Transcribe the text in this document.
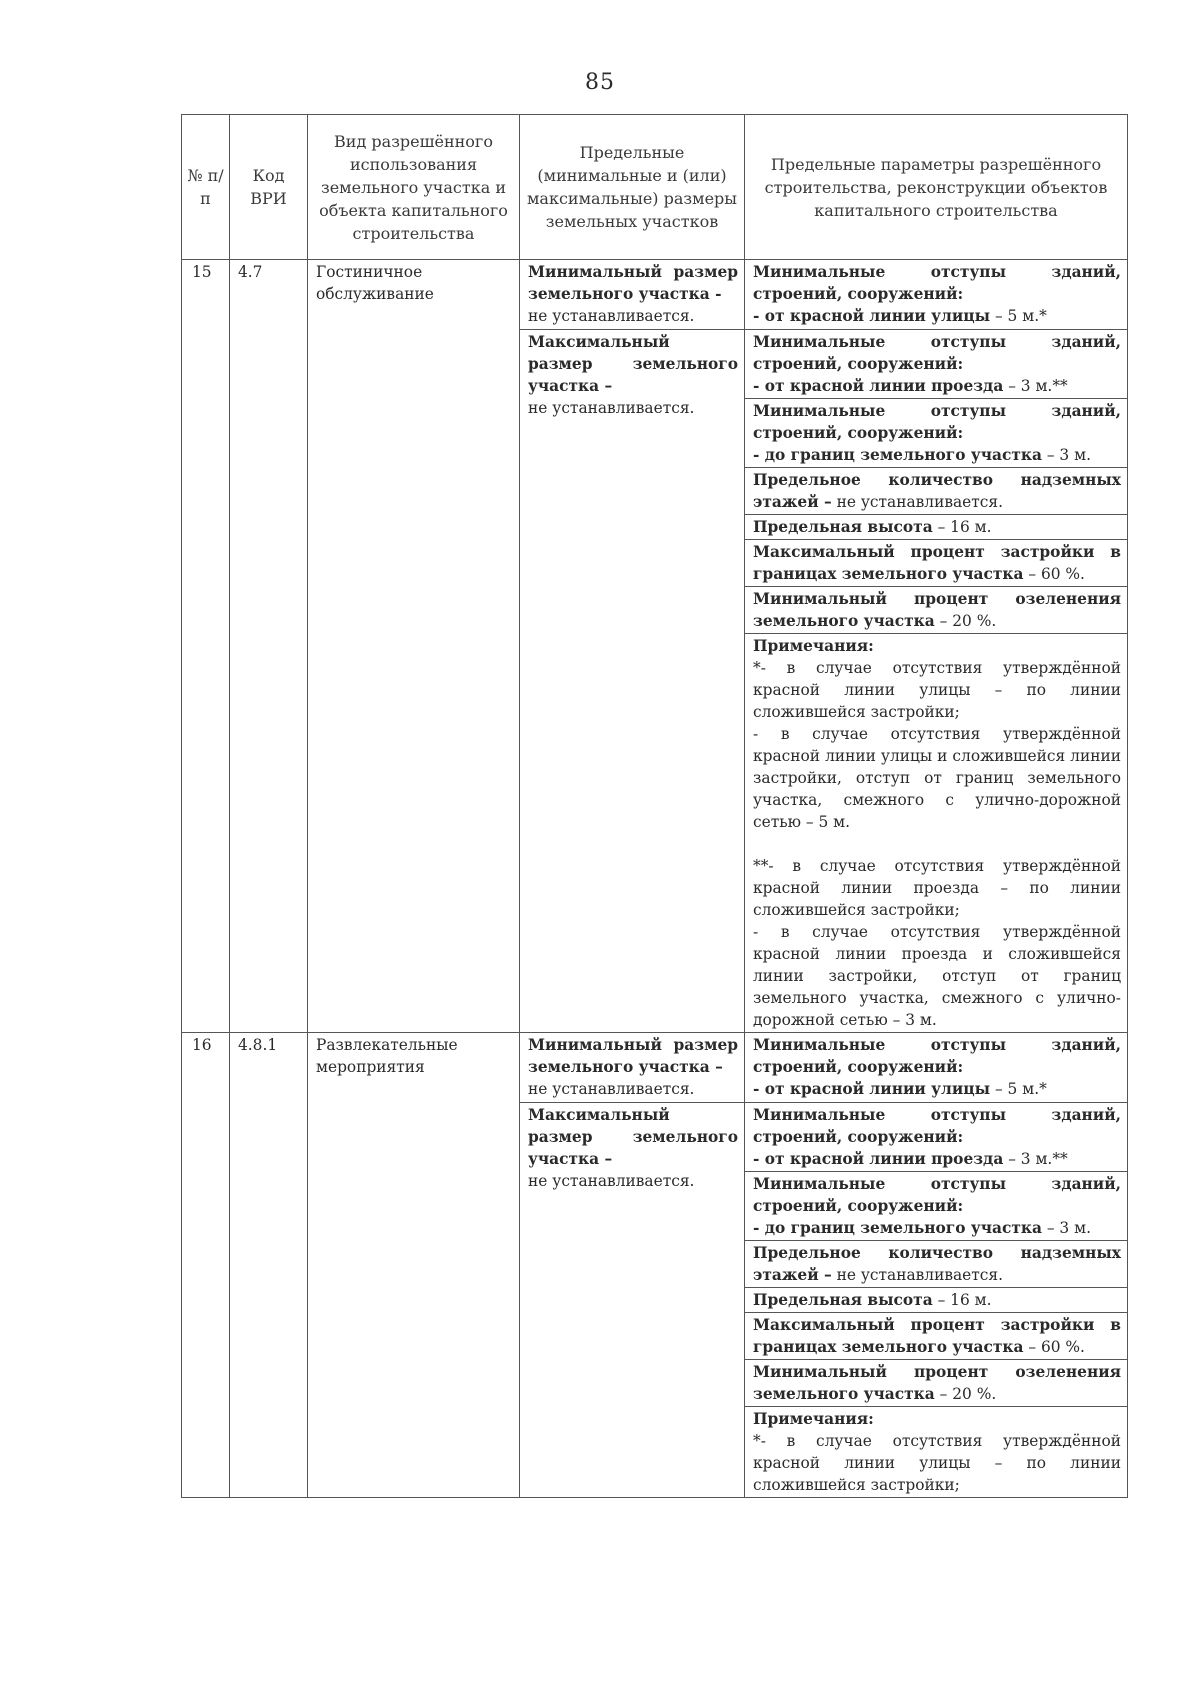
85
№ п/п	Код ВРИ	Вид разрешённого использования земельного участка и объекта капитального строительства	Предельные (минимальные и (или) максимальные) размеры земельных участков	Предельные параметры разрешённого строительства, реконструкции объектов капитального строительства
15	4.7	Гостиничное обслуживание	Минимальный размер земельного участка -
не устанавливается.	Минимальные отступы зданий, строений, сооружений:
- от красной линии улицы – 5 м.*
			Максимальный размер земельного участка –
не устанавливается.	Минимальные отступы зданий, строений, сооружений:
- от красной линии проезда – 3 м.**
				Минимальные отступы зданий, строений, сооружений:
- до границ земельного участка – 3 м.
				Предельное количество надземных этажей – не устанавливается.
				Предельная высота – 16 м.
				Максимальный процент застройки в границах земельного участка – 60 %.
				Минимальный процент озеленения земельного участка – 20 %.

				Примечания:
*- в случае отсутствия утверждённой красной линии улицы – по линии сложившейся застройки;
- в случае отсутствия утверждённой красной линии улицы и сложившейся линии застройки, отступ от границ земельного участка, смежного с улично-дорожной сетью – 5 м.
**- в случае отсутствия утверждённой красной линии проезда – по линии сложившейся застройки;
- в случае отсутствия утверждённой красной линии проезда и сложившейся линии застройки, отступ от границ земельного участка, смежного с улично-дорожной сетью – 3 м.

16	4.8.1	Развлекательные мероприятия	Минимальный размер земельного участка –
не устанавливается.	Минимальные отступы зданий, строений, сооружений:
- от красной линии улицы – 5 м.*
			Максимальный размер земельного участка –
не устанавливается.	Минимальные отступы зданий, строений, сооружений:
- от красной линии проезда – 3 м.**
				Минимальные отступы зданий, строений, сооружений:
- до границ земельного участка – 3 м.
				Предельное количество надземных этажей – не устанавливается.
				Предельная высота – 16 м.
				Максимальный процент застройки в границах земельного участка – 60 %.
				Минимальный процент озеленения земельного участка – 20 %.

				Примечания:
*- в случае отсутствия утверждённой красной линии улицы – по линии сложившейся застройки;
